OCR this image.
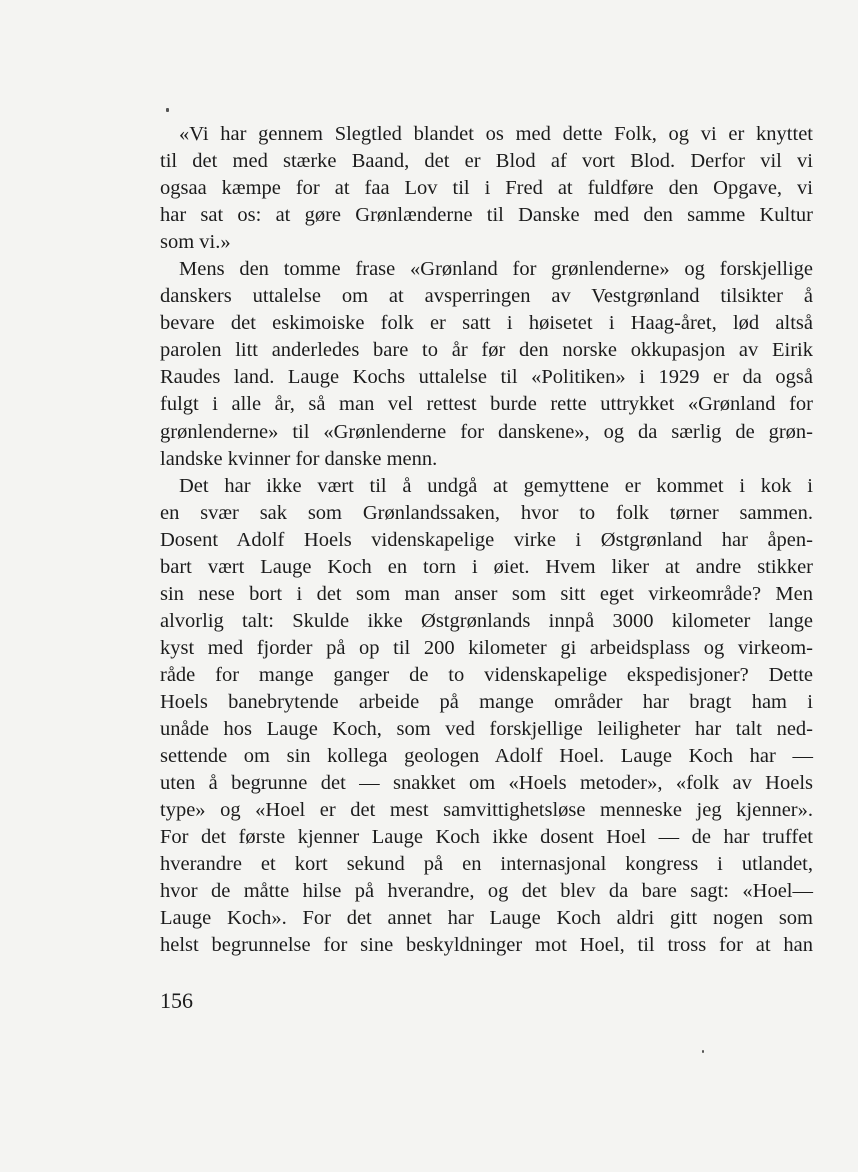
«Vi har gennem Slegtled blandet os med dette Folk, og vi er knyttet
til det med stærke Baand, det er Blod af vort Blod. Derfor vil vi
ogsaa kæmpe for at faa Lov til i Fred at fuldføre den Opgave, vi
har sat os: at gøre Grønlænderne til Danske med den samme Kultur
som vi.»
Mens den tomme frase «Grønland for grønlenderne» og forskjellige
danskers uttalelse om at avsperringen av Vestgrønland tilsikter å
bevare det eskimoiske folk er satt i høisetet i Haag-året, lød altså
parolen litt anderledes bare to år før den norske okkupasjon av Eirik
Raudes land. Lauge Kochs uttalelse til «Politiken» i 1929 er da også
fulgt i alle år, så man vel rettest burde rette uttrykket «Grønland for
grønlenderne» til «Grønlenderne for danskene», og da særlig de grøn-
landske kvinner for danske menn.
Det har ikke vært til å undgå at gemyttene er kommet i kok i
en svær sak som Grønlandssaken, hvor to folk tørner sammen.
Dosent Adolf Hoels videnskapelige virke i Østgrønland har åpen-
bart vært Lauge Koch en torn i øiet. Hvem liker at andre stikker
sin nese bort i det som man anser som sitt eget virkeområde? Men
alvorlig talt: Skulde ikke Østgrønlands innpå 3000 kilometer lange
kyst med fjorder på op til 200 kilometer gi arbeidsplass og virkeom-
råde for mange ganger de to videnskapelige ekspedisjoner? Dette
Hoels banebrytende arbeide på mange områder har bragt ham i
unåde hos Lauge Koch, som ved forskjellige leiligheter har talt ned-
settende om sin kollega geologen Adolf Hoel. Lauge Koch har —
uten å begrunne det — snakket om «Hoels metoder», «folk av Hoels
type» og «Hoel er det mest samvittighetsløse menneske jeg kjenner».
For det første kjenner Lauge Koch ikke dosent Hoel — de har truffet
hverandre et kort sekund på en internasjonal kongress i utlandet,
hvor de måtte hilse på hverandre, og det blev da bare sagt: «Hoel—
Lauge Koch». For det annet har Lauge Koch aldri gitt nogen som
helst begrunnelse for sine beskyldninger mot Hoel, til tross for at han
156
